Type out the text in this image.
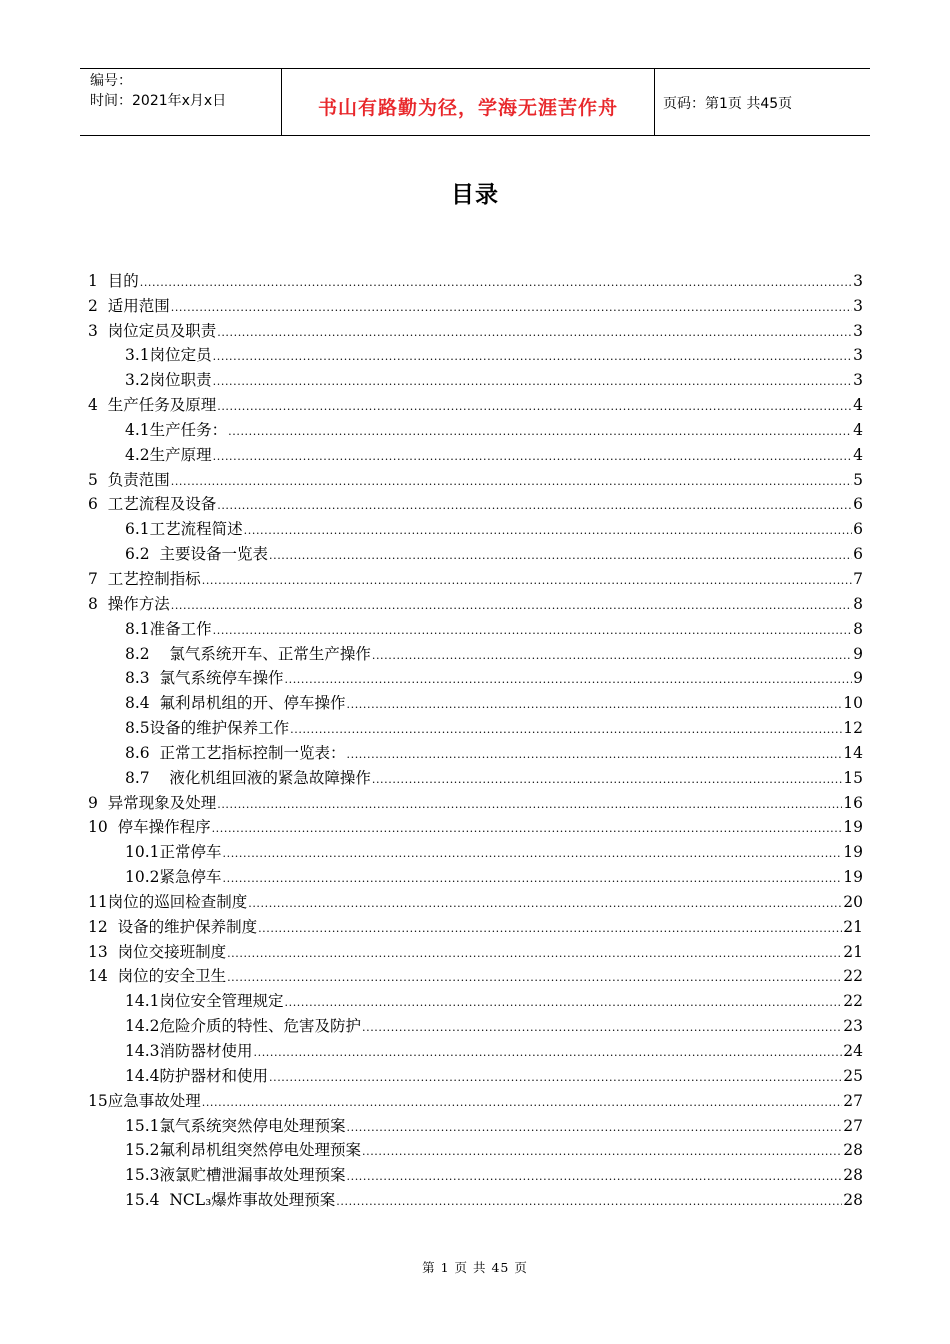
编号：
时间：2021年x月x日	书山有路勤为径，学海无涯苦作舟	页码：第1页 共45页
目录
1  目的 .....	3
2  适用范围 .....	3
3  岗位定员及职责 .....	3
3.1岗位定员 .....	3
3.2岗位职责 .....	3
4  生产任务及原理 .....	4
4.1生产任务： .....	4
4.2生产原理 .....	4
5  负责范围 .....	5
6  工艺流程及设备 .....	6
6.1工艺流程简述 .....	6
6.2  主要设备一览表 .....	6
7  工艺控制指标 .....	7
8  操作方法 .....	8
8.1准备工作 .....	8
8.2    氯气系统开车、正常生产操作 .....	9
8.3  氯气系统停车操作 .....	9
8.4  氟利昂机组的开、停车操作 .....	10
8.5设备的维护保养工作 .....	12
8.6  正常工艺指标控制一览表： .....	14
8.7    液化机组回液的紧急故障操作 .....	15
9  异常现象及处理 .....	16
10  停车操作程序 .....	19
10.1正常停车 .....	19
10.2紧急停车 .....	19
11岗位的巡回检查制度 .....	20
12  设备的维护保养制度 .....	21
13  岗位交接班制度 .....	21
14  岗位的安全卫生 .....	22
14.1岗位安全管理规定 .....	22
14.2危险介质的特性、危害及防护 .....	23
14.3消防器材使用 .....	24
14.4防护器材和使用 .....	25
15应急事故处理 .....	27
15.1氯气系统突然停电处理预案 .....	27
15.2氟利昂机组突然停电处理预案 .....	28
15.3液氯贮槽泄漏事故处理预案 .....	28
15.4  NCL₃爆炸事故处理预案 .....	28
第 1 页 共 45 页
